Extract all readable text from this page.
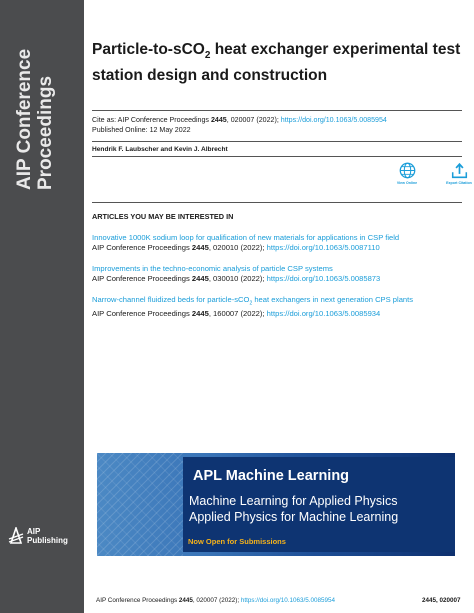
AIP Conference
Proceedings
AIP
Publishing
Particle-to-sCO$_2$ heat exchanger experimental test station design and construction
Cite as: AIP Conference Proceedings 2445, 020007 (2022); https://doi.org/10.1063/5.0085954
Published Online: 12 May 2022
Hendrik F. Laubscher and Kevin J. Albrecht
View Online	Export Citation
ARTICLES YOU MAY BE INTERESTED IN
Innovative 1000K sodium loop for qualification of new materials for applications in CSP field
AIP Conference Proceedings 2445, 020010 (2022); https://doi.org/10.1063/5.0087110
Improvements in the techno-economic analysis of particle CSP systems
AIP Conference Proceedings 2445, 030010 (2022); https://doi.org/10.1063/5.0085873
Narrow-channel fluidized beds for particle-sCO$_2$ heat exchangers in next generation CPS plants
AIP Conference Proceedings 2445, 160007 (2022); https://doi.org/10.1063/5.0085934
APL Machine Learning
Machine Learning for Applied Physics
Applied Physics for Machine Learning
Now Open for Submissions
AIP Conference Proceedings 2445, 020007 (2022); https://doi.org/10.1063/5.0085954	2445, 020007
